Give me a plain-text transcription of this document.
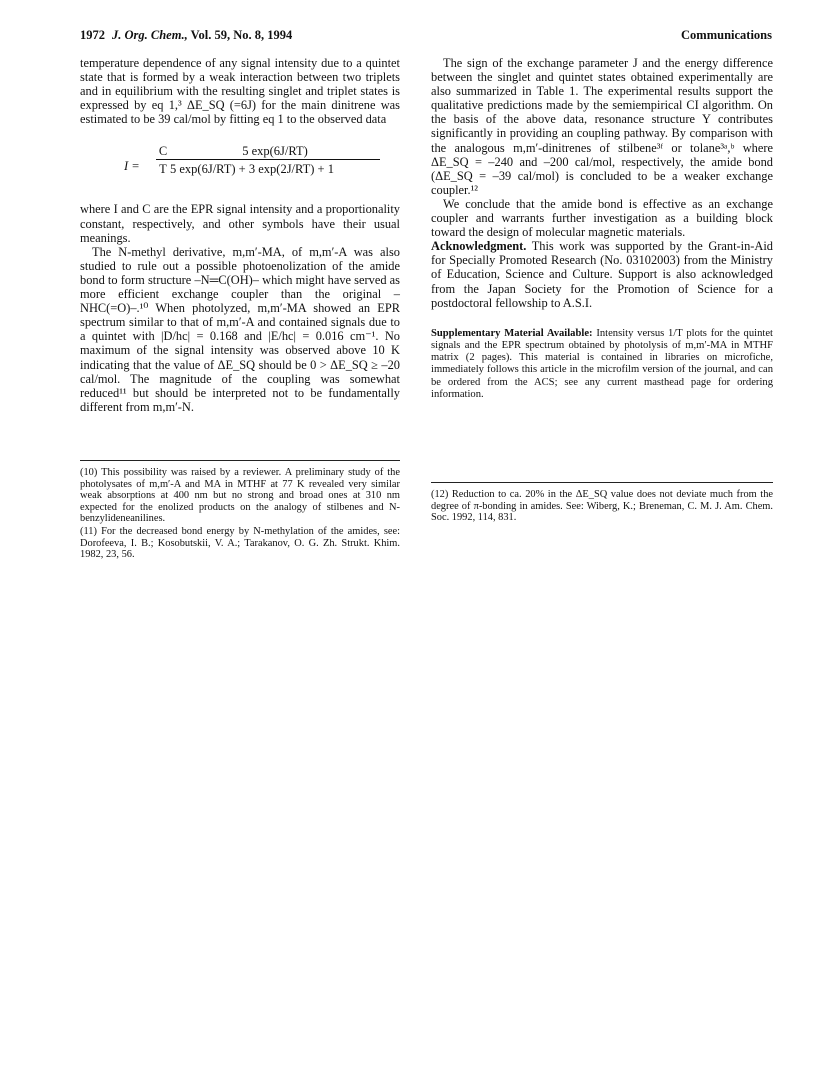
1972 J. Org. Chem., Vol. 59, No. 8, 1994	Communications

temperature dependence of any signal intensity due to a quintet state that is formed by a weak interaction between two triplets and in equilibrium with the resulting singlet and triplet states is expressed by eq 1,³ ΔE_SQ (=6J) for the main dinitrene was estimated to be 39 cal/mol by fitting eq 1 to the observed data

I =
C
T
5 exp(6J/RT)
5 exp(6J/RT) + 3 exp(2J/RT) + 1

where I and C are the EPR signal intensity and a proportionality constant, respectively, and other symbols have their usual meanings.

The N-methyl derivative, m,m′-MA, of m,m′-A was also studied to rule out a possible photoenolization of the amide bond to form structure –N═C(OH)– which might have served as more efficient exchange coupler than the original –NHC(=O)–.¹⁰ When photolyzed, m,m′-MA showed an EPR spectrum similar to that of m,m′-A and contained signals due to a quintet with |D/hc| = 0.168 and |E/hc| = 0.016 cm⁻¹. No maximum of the signal intensity was observed above 10 K indicating that the value of ΔE_SQ should be 0 > ΔE_SQ ≥ –20 cal/mol. The magnitude of the coupling was somewhat reduced¹¹ but should be interpreted not to be fundamentally different from m,m′-N.

(10) This possibility was raised by a reviewer. A preliminary study of the photolysates of m,m′-A and MA in MTHF at 77 K revealed very similar weak absorptions at 400 nm but no strong and broad ones at 310 nm expected for the enolized products on the analogy of stilbenes and N-benzylideneanilines.

(11) For the decreased bond energy by N-methylation of the amides, see: Dorofeeva, I. B.; Kosobutskii, V. A.; Tarakanov, O. G. Zh. Strukt. Khim. 1982, 23, 56.

The sign of the exchange parameter J and the energy difference between the singlet and quintet states obtained experimentally are also summarized in Table 1. The experimental results support the qualitative predictions made by the semiempirical CI algorithm. On the basis of the above data, resonance structure Y contributes significantly in providing an coupling pathway. By comparison with the analogous m,m′-dinitrenes of stilbene³ᶠ or tolane³ᵃ,ᵇ where ΔE_SQ = –240 and –200 cal/mol, respectively, the amide bond (ΔE_SQ = –39 cal/mol) is concluded to be a weaker exchange coupler.¹²

We conclude that the amide bond is effective as an exchange coupler and warrants further investigation as a building block toward the design of molecular magnetic materials.

Acknowledgment. This work was supported by the Grant-in-Aid for Specially Promoted Research (No. 03102003) from the Ministry of Education, Science and Culture. Support is also acknowledged from the Japan Society for the Promotion of Science for a postdoctoral fellowship to A.S.I.

Supplementary Material Available: Intensity versus 1/T plots for the quintet signals and the EPR spectrum obtained by photolysis of m,m′-MA in MTHF matrix (2 pages). This material is contained in libraries on microfiche, immediately follows this article in the microfilm version of the journal, and can be ordered from the ACS; see any current masthead page for ordering information.

(12) Reduction to ca. 20% in the ΔE_SQ value does not deviate much from the degree of π-bonding in amides. See: Wiberg, K.; Breneman, C. M. J. Am. Chem. Soc. 1992, 114, 831.
